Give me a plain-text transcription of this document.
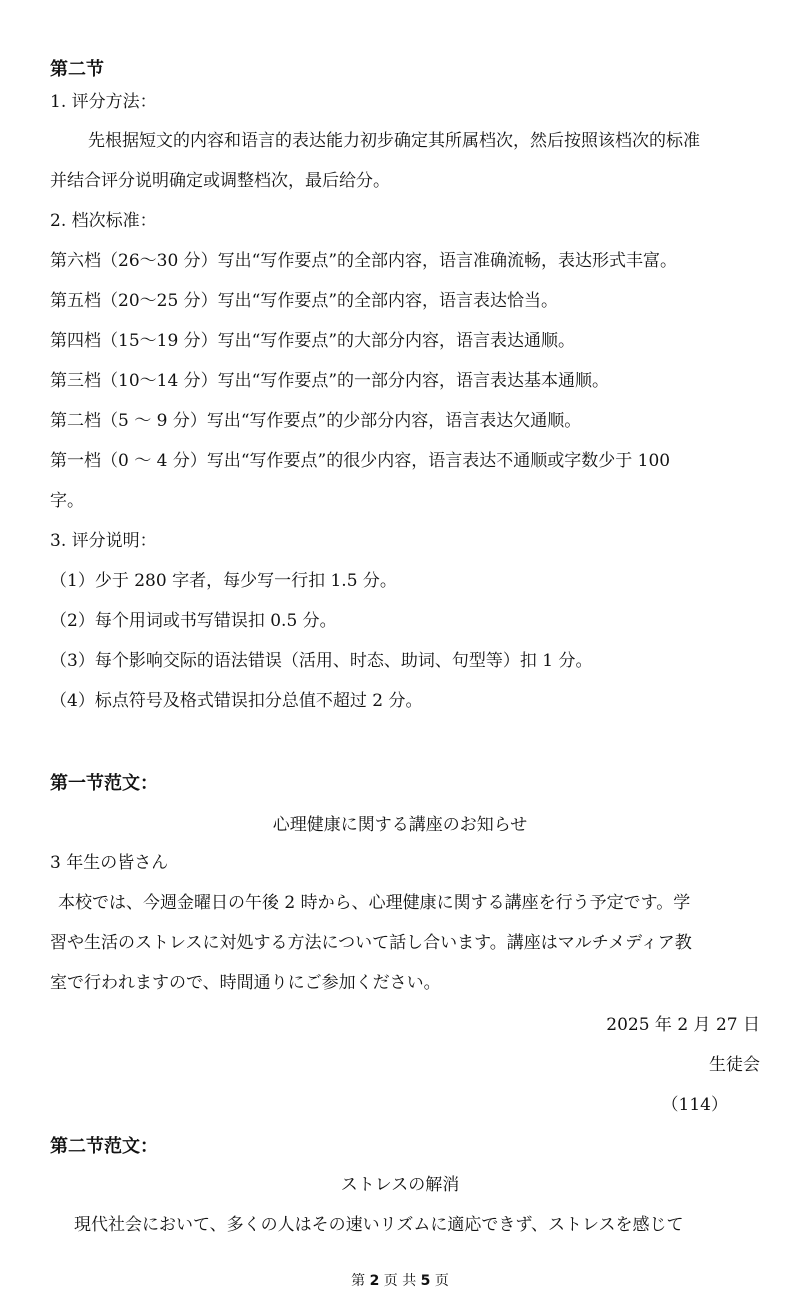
第二节
1. 评分方法：
先根据短文的内容和语言的表达能力初步确定其所属档次，然后按照该档次的标准
并结合评分说明确定或调整档次，最后给分。
2. 档次标准：
第六档（26～30 分）写出“写作要点”的全部内容，语言准确流畅，表达形式丰富。
第五档（20～25 分）写出“写作要点”的全部内容，语言表达恰当。
第四档（15～19 分）写出“写作要点”的大部分内容，语言表达通顺。
第三档（10～14 分）写出“写作要点”的一部分内容，语言表达基本通顺。
第二档（5 ～ 9 分）写出“写作要点”的少部分内容，语言表达欠通顺。
第一档（0 ～ 4 分）写出“写作要点”的很少内容，语言表达不通顺或字数少于 100
字。
3. 评分说明：
（1）少于 280 字者，每少写一行扣 1.5 分。
（2）每个用词或书写错误扣 0.5 分。
（3）每个影响交际的语法错误（活用、时态、助词、句型等）扣 1 分。
（4）标点符号及格式错误扣分总值不超过 2 分。
第一节范文：
心理健康に関する講座のお知らせ
3 年生の皆さん
本校では、今週金曜日の午後 2 時から、心理健康に関する講座を行う予定です。学
習や生活のストレスに対処する方法について話し合います。講座はマルチメディア教
室で行われますので、時間通りにご参加ください。
2025 年 2 月 27 日
生徒会
（114）
第二节范文：
ストレスの解消
現代社会において、多くの人はその速いリズムに適応できず、ストレスを感じて
第 2 页 共 5 页
